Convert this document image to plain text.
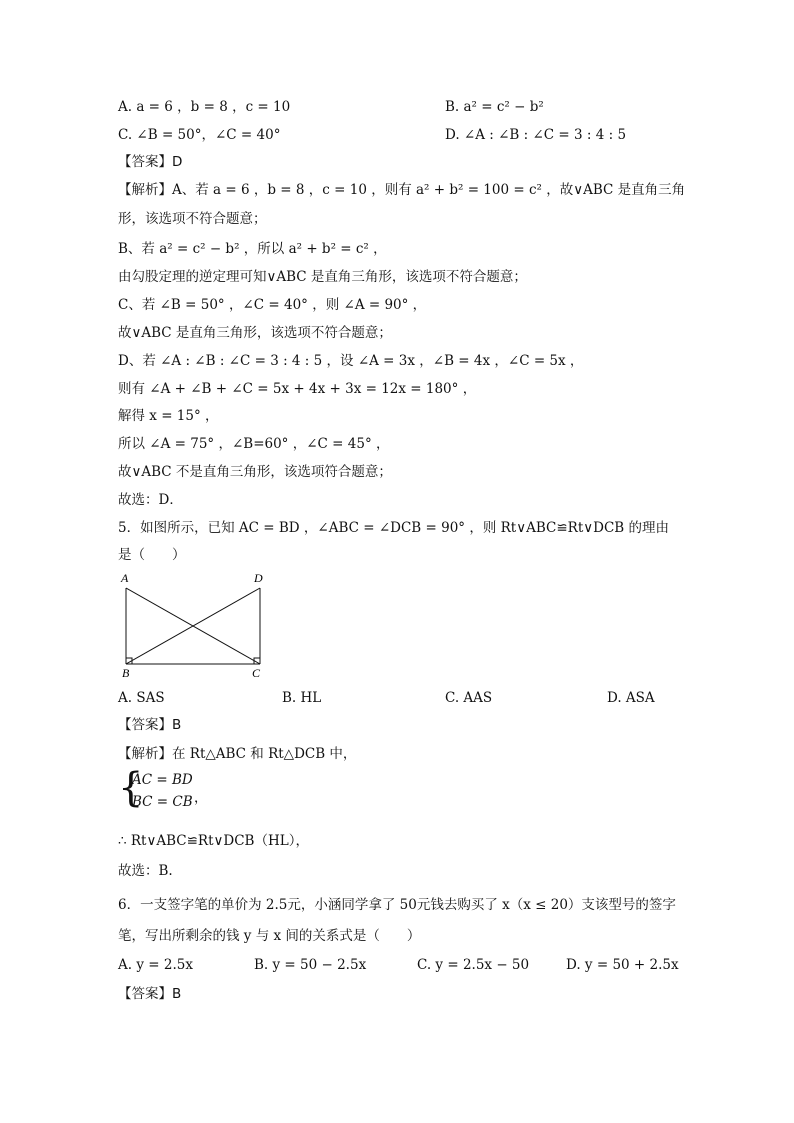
A. a = 6 ，b = 8 ，c = 10	B. a² = c² − b²
C. ∠B = 50°，∠C = 40°	D. ∠A : ∠B : ∠C = 3 : 4 : 5
【答案】D
【解析】A、若 a = 6 ，b = 8 ，c = 10 ，则有 a² + b² = 100 = c² ，故∨ABC 是直角三角
形，该选项不符合题意；
B、若 a² = c² − b² ，所以 a² + b² = c² ，
由勾股定理的逆定理可知∨ABC 是直角三角形，该选项不符合题意；
C、若 ∠B = 50° ，∠C = 40° ，则 ∠A = 90° ，
故∨ABC 是直角三角形，该选项不符合题意；
D、若 ∠A : ∠B : ∠C = 3 : 4 : 5 ，设 ∠A = 3x ，∠B = 4x ，∠C = 5x ，
则有 ∠A + ∠B + ∠C = 5x + 4x + 3x = 12x = 180° ，
解得 x = 15° ，
所以 ∠A = 75° ，∠B=60° ，∠C = 45° ，
故∨ABC 不是直角三角形，该选项符合题意；
故选：D．
5．如图所示，已知 AC = BD ，∠ABC = ∠DCB = 90° ，则 Rt∨ABC≌Rt∨DCB 的理由
是（　　）
A	D
B	C
A. SAS	B. HL	C. AAS	D. ASA
【答案】B
【解析】在 Rt△ABC 和 Rt△DCB 中，
{
AC = BD
BC = CB ，
∴ Rt∨ABC≌Rt∨DCB（HL），
故选：B.
6．一支签字笔的单价为 2.5元，小涵同学拿了 50元钱去购买了 x（x ≤ 20）支该型号的签字
笔，写出所剩余的钱 y 与 x 间的关系式是（　　）
A. y = 2.5x	B. y = 50 − 2.5x	C. y = 2.5x − 50	D. y = 50 + 2.5x
【答案】B
